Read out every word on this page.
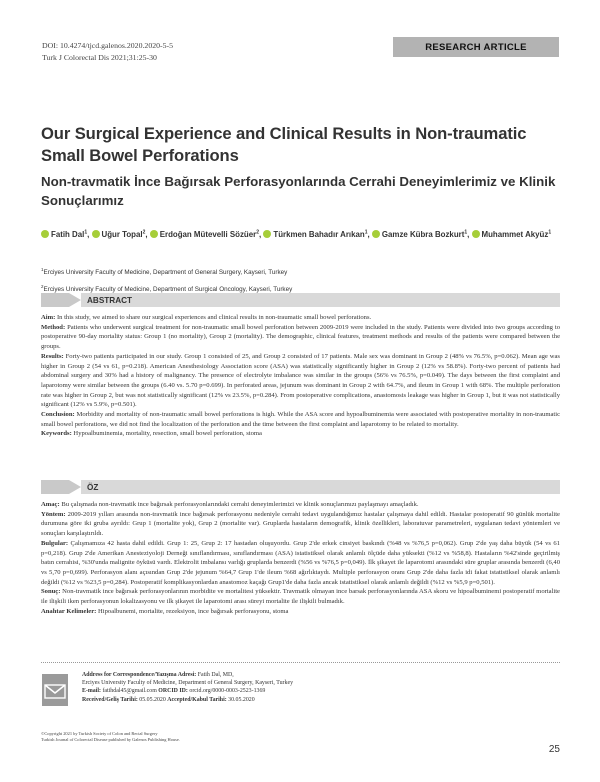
DOI: 10.4274/tjcd.galenos.2020.2020-5-5
Turk J Colorectal Dis 2021;31:25-30
RESEARCH ARTICLE
Our Surgical Experience and Clinical Results in Non-traumatic Small Bowel Perforations
Non-travmatik İnce Bağırsak Perforasyonlarında Cerrahi Deneyimlerimiz ve Klinik Sonuçlarımız
Fatih Dal$^1$, Uğur Topal$^2$, Erdoğan Mütevelli Sözüer$^2$, Türkmen Bahadır Arıkan$^1$, Gamze Kübra Bozkurt$^1$, Muhammet Akyüz$^1$
$^1$Erciyes University Faculty of Medicine, Department of General Surgery, Kayseri, Turkey
$^2$Erciyes University Faculty of Medicine, Department of Surgical Oncology, Kayseri, Turkey
ABSTRACT

Aim: In this study, we aimed to share our surgical experiences and clinical results in non-traumatic small bowel perforations.

Method: Patients who underwent surgical treatment for non-traumatic small bowel perforation between 2009-2019 were included in the study. Patients were divided into two groups according to postoperative 90-day mortality status: Group 1 (no mortality), Group 2 (mortality). The demographic, clinical features, treatment methods and results of the patients were compared between the groups.

Results: Forty-two patients participated in our study. Group 1 consisted of 25, and Group 2 consisted of 17 patients. Male sex was dominant in Group 2 (48% vs 76.5%, p=0.062). Mean age was higher in Group 2 (54 vs 61, p=0.218). American Anesthesiology Association score (ASA) was statistically significantly higher in Group 2 (12% vs 58.8%). Forty-two percent of patients had abdominal surgery and 30% had a history of malignancy. The presence of electrolyte imbalance was similar in the groups (56% vs 76.5%, p=0.049). The days between the first complaint and laparotomy were similar between the groups (6.40 vs. 5.70 p=0.699). In perforated areas, jejunum was dominant in Group 2 with 64.7%, and ileum in Group 1 with 68%. The multiple perforation rate was higher in Group 2, but was not statistically significant (12% vs 23.5%, p=0.284). From postoperative complications, anastomosis leakage was higher in Group 1, but it was not statistically significant (12% vs 5.9%, p=0.501).

Conclusion: Morbidity and mortality of non-traumatic small bowel perforations is high. While the ASA score and hypoalbuminemia were associated with postoperative mortality in non-traumatic small bowel perforations, we did not find the localization of the perforation and the time between the first complaint and laparotomy to be related to mortality.

Keywords: Hypoalbuminemia, mortality, resection, small bowel perforation, stoma

ÖZ

Amaç: Bu çalışmada non-travmatik ince bağırsak perforasyonlarındaki cerrahi deneyimlerimizi ve klinik sonuçlarımızı paylaşmayı amaçladık.

Yöntem: 2009-2019 yılları arasında non-travmatik ince bağırsak perforasyonu nedeniyle cerrahi tedavi uygulandığımız hastalar çalışmaya dahil edildi. Hastalar postoperatif 90 günlük mortalite durumuna göre iki gruba ayrıldı: Grup 1 (mortalite yok), Grup 2 (mortalite var). Gruplarda hastaların demografik, klinik özellikleri, laboratuvar parametreleri, uygulanan tedavi yöntemleri ve sonuçları karşılaştırıldı.

Bulgular: Çalışmamıza 42 hasta dahil edildi. Grup 1: 25, Grup 2: 17 hastadan oluşuyordu. Grup 2'de erkek cinsiyet baskındı (%48 vs %76,5 p=0,062). Grup 2'de yaş daha büyük (54 vs 61 p=0,218). Grup 2'de Amerikan Anesteziyoloji Derneği sınıflandırması, sınıflandırması (ASA) istatistiksel olarak anlamlı ölçüde daha yüksekti (%12 vs %58,8). Hastaların %42'sinde geçirilmiş batın cerrahisi, %30'unda malignite öyküsü vardı. Elektrolit imbalansı varlığı gruplarda benzerdi (%56 vs %76,5 p=0,049). İlk şikayet ile laparotomi arasındaki süre gruplar arasında benzerdi (6,40 vs 5,70 p=0,699). Perforasyon alanı açısından Grup 2'de jejunum %64,7 Grup 1'de ileum %68 ağırlıktaydı. Multiple perforasyon oranı Grup 2'de daha fazla idi fakat istatistiksel olarak anlamlı değildi (%12 vs %23,5 p=0,284). Postoperatif komplikasyonlardan anastomoz kaçağı Grup1'de daha fazla ancak istatistiksel olarak anlamlı değildi (%12 vs %5,9 p=0,501).

Sonuç: Non-travmatik ince bağırsak perforasyonlarının morbidite ve mortalitesi yüksektir. Travmatik olmayan ince barsak perforasyonlarında ASA skoru ve hipoalbuminemi postoperatif mortalite ile ilişkili iken perforasyonun lokalizasyonu ve ilk şikayet ile laparotomi arası süreyi mortalite ile ilişkili bulmadık.

Anahtar Kelimeler: Hipoalbunemi, mortalite, rezeksiyon, ince bağırsak perforasyonu, stoma

Address for Correspondence/Yazışma Adresi: Fatih Dal, MD,
Erciyes University Faculty of Medicine, Department of General Surgery, Kayseri, Turkey
E-mail: fatihdal45@gmail.com ORCID ID: orcid.org/0000-0003-2523-1369
Received/Geliş Tarihi: 05.05.2020 Accepted/Kabul Tarihi: 30.05.2020
©Copyright 2021 by Turkish Society of Colon and Rectal Surgery
Turkish Journal of Colorectal Disease published by Galenos Publishing House.
25
